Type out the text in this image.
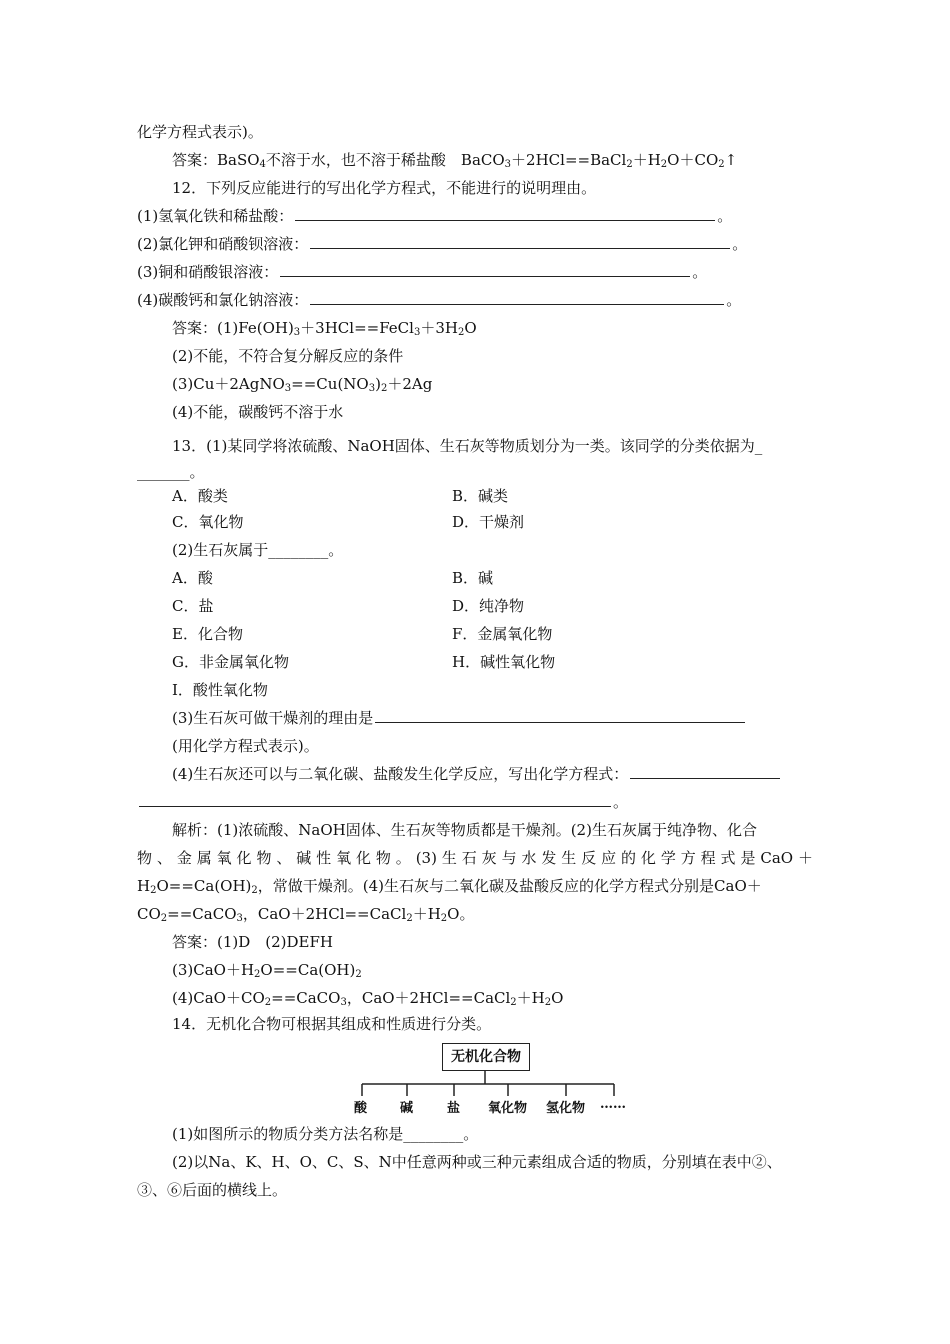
化学方程式表示)。
答案：BaSO$_4$不溶于水，也不溶于稀盐酸　$BaCO_3+2HCl==BaCl_2+H_2O+CO_2↑$
12．下列反应能进行的写出化学方程式，不能进行的说明理由。
(1)氢氧化铁和稀盐酸：	。
(2)氯化钾和硝酸钡溶液：	。
(3)铜和硝酸银溶液：	。
(4)碳酸钙和氯化钠溶液：	。
答案：$(1)Fe(OH)_3+3HCl==FeCl_3+3H_2O$
(2)不能，不符合复分解反应的条件
$(3)Cu+2AgNO_3==Cu(NO_3)_2+2Ag$
(4)不能，碳酸钙不溶于水
13．(1)某同学将浓硫酸、NaOH固体、生石灰等物质划分为一类。该同学的分类依据为_
_______。
A．酸类	B．碱类
C．氧化物	D．干燥剂
(2)生石灰属于________。
A．酸	B．碱
C．盐	D．纯净物
E．化合物	F．金属氧化物
G．非金属氧化物	H．碱性氧化物
I．酸性氧化物
(3)生石灰可做干燥剂的理由是
(用化学方程式表示)。
(4)生石灰还可以与二氧化碳、盐酸发生化学反应，写出化学方程式：
。
解析：(1)浓硫酸、NaOH固体、生石灰等物质都是干燥剂。(2)生石灰属于纯净物、化合
物、金属氧化物、碱性氧化物。(3)生石灰与水发生反应的化学方程式是CaO＋
$H_2O==Ca(OH)_2$，常做干燥剂。(4)生石灰与二氧化碳及盐酸反应的化学方程式分别是CaO＋
$CO_2==CaCO_3$，$CaO+2HCl==CaCl_2+H_2O$。
答案：(1)D　(2)DEFH
$(3)CaO+H_2O==Ca(OH)_2$
$(4)CaO+CO_2==CaCO_3$，$CaO+2HCl==CaCl_2+H_2O$
14．无机化合物可根据其组成和性质进行分类。
无机化合物
酸	碱	盐 氧化物 氢化物 ……
(1)如图所示的物质分类方法名称是________。
(2)以Na、K、H、O、C、S、N中任意两种或三种元素组成合适的物质，分别填在表中②、
③、⑥后面的横线上。
